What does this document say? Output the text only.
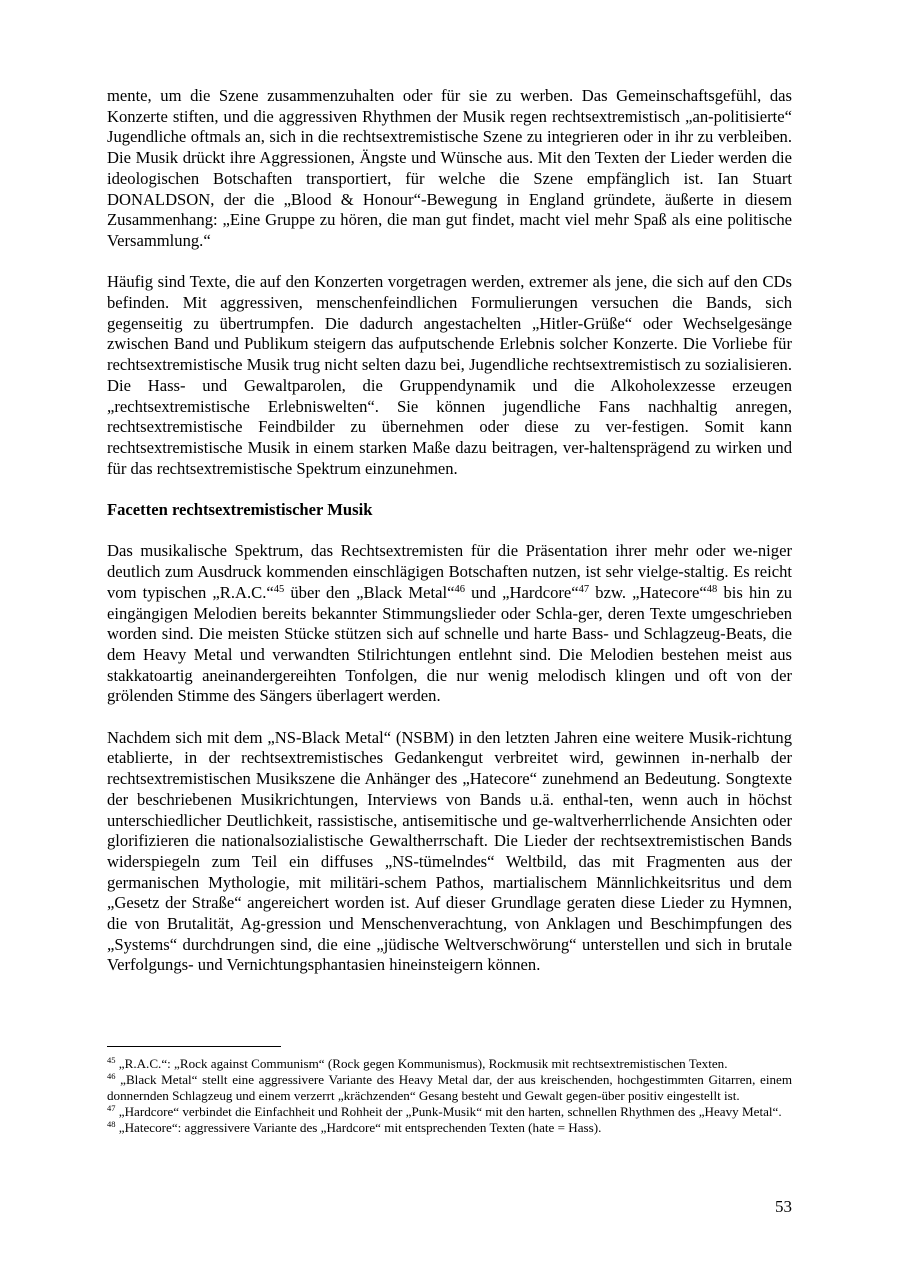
mente, um die Szene zusammenzuhalten oder für sie zu werben. Das Gemeinschaftsgefühl, das Konzerte stiften, und die aggressiven Rhythmen der Musik regen rechtsextremistisch „an-politisierte“ Jugendliche oftmals an, sich in die rechtsextremistische Szene zu integrieren oder in ihr zu verbleiben. Die Musik drückt ihre Aggressionen, Ängste und Wünsche aus. Mit den Texten der Lieder werden die ideologischen Botschaften transportiert, für welche die Szene empfänglich ist. Ian Stuart DONALDSON, der die „Blood & Honour“-Bewegung in England gründete, äußerte in diesem Zusammenhang: „Eine Gruppe zu hören, die man gut findet, macht viel mehr Spaß als eine politische Versammlung.“

Häufig sind Texte, die auf den Konzerten vorgetragen werden, extremer als jene, die sich auf den CDs befinden. Mit aggressiven, menschenfeindlichen Formulierungen versuchen die Bands, sich gegenseitig zu übertrumpfen. Die dadurch angestachelten „Hitler-Grüße“ oder Wechselgesänge zwischen Band und Publikum steigern das aufputschende Erlebnis solcher Konzerte. Die Vorliebe für rechtsextremistische Musik trug nicht selten dazu bei, Jugendliche rechtsextremistisch zu sozialisieren. Die Hass- und Gewaltparolen, die Gruppendynamik und die Alkoholexzesse erzeugen „rechtsextremistische Erlebniswelten“. Sie können jugendliche Fans nachhaltig anregen, rechtsextremistische Feindbilder zu übernehmen oder diese zu ver-festigen. Somit kann rechtsextremistische Musik in einem starken Maße dazu beitragen, ver-haltensprägend zu wirken und für das rechtsextremistische Spektrum einzunehmen.

Facetten rechtsextremistischer Musik

Das musikalische Spektrum, das Rechtsextremisten für die Präsentation ihrer mehr oder we-niger deutlich zum Ausdruck kommenden einschlägigen Botschaften nutzen, ist sehr vielge-staltig. Es reicht vom typischen „R.A.C.“$^{45}$ über den „Black Metal“$^{46}$ und „Hardcore“$^{47}$ bzw. „Hatecore“$^{48}$ bis hin zu eingängigen Melodien bereits bekannter Stimmungslieder oder Schla-ger, deren Texte umgeschrieben worden sind. Die meisten Stücke stützen sich auf schnelle und harte Bass- und Schlagzeug-Beats, die dem Heavy Metal und verwandten Stilrichtungen entlehnt sind. Die Melodien bestehen meist aus stakkatoartig aneinandergereihten Tonfolgen, die nur wenig melodisch klingen und oft von der grölenden Stimme des Sängers überlagert werden.

Nachdem sich mit dem „NS-Black Metal“ (NSBM) in den letzten Jahren eine weitere Musik-richtung etablierte, in der rechtsextremistisches Gedankengut verbreitet wird, gewinnen in-nerhalb der rechtsextremistischen Musikszene die Anhänger des „Hatecore“ zunehmend an Bedeutung. Songtexte der beschriebenen Musikrichtungen, Interviews von Bands u.ä. enthal-ten, wenn auch in höchst unterschiedlicher Deutlichkeit, rassistische, antisemitische und ge-waltverherrlichende Ansichten oder glorifizieren die nationalsozialistische Gewaltherrschaft. Die Lieder der rechtsextremistischen Bands widerspiegeln zum Teil ein diffuses „NS-tümelndes“ Weltbild, das mit Fragmenten aus der germanischen Mythologie, mit militäri-schem Pathos, martialischem Männlichkeitsritus und dem „Gesetz der Straße“ angereichert worden ist. Auf dieser Grundlage geraten diese Lieder zu Hymnen, die von Brutalität, Ag-gression und Menschenverachtung, von Anklagen und Beschimpfungen des „Systems“ durchdrungen sind, die eine „jüdische Weltverschwörung“ unterstellen und sich in brutale Verfolgungs- und Vernichtungsphantasien hineinsteigern können.

$^{45}$ „R.A.C.“: „Rock against Communism“ (Rock gegen Kommunismus), Rockmusik mit rechtsextremistischen Texten.

$^{46}$ „Black Metal“ stellt eine aggressivere Variante des Heavy Metal dar, der aus kreischenden, hochgestimmten Gitarren, einem donnernden Schlagzeug und einem verzerrt „krächzenden“ Gesang besteht und Gewalt gegen-über positiv eingestellt ist.

$^{47}$ „Hardcore“ verbindet die Einfachheit und Rohheit der „Punk-Musik“ mit den harten, schnellen Rhythmen des „Heavy Metal“.

$^{48}$ „Hatecore“: aggressivere Variante des „Hardcore“ mit entsprechenden Texten (hate = Hass).

53
